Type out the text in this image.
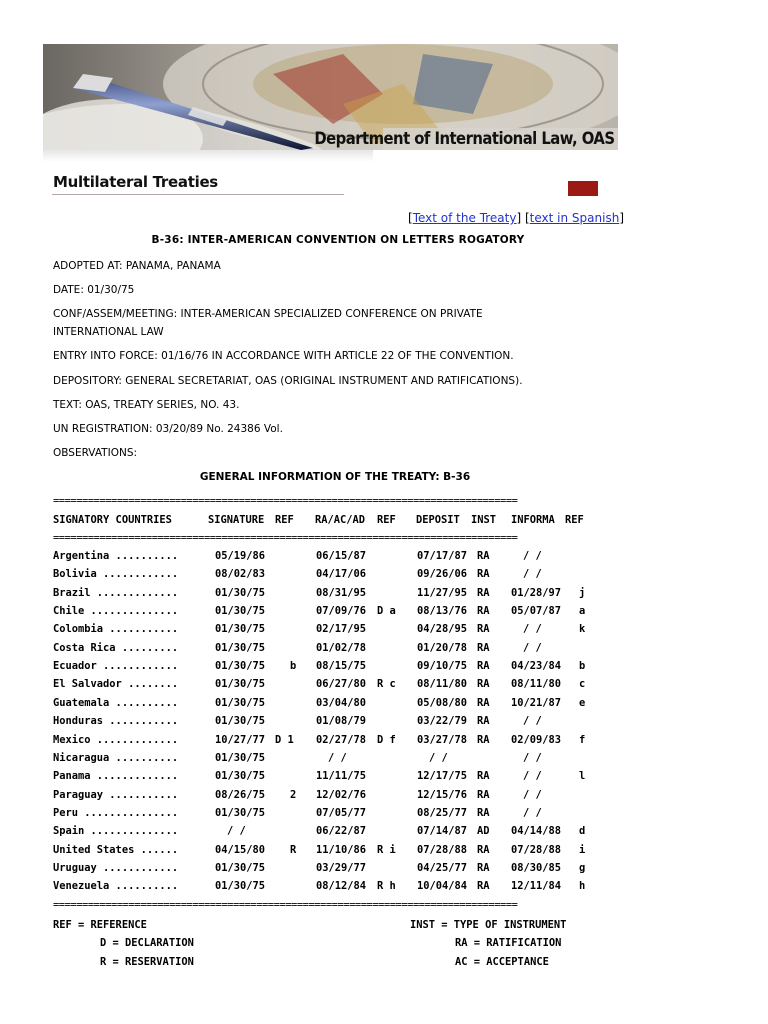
Department of International Law, OAS
Multilateral Treaties
[Text of the Treaty] [text in Spanish]
B-36: INTER-AMERICAN CONVENTION ON LETTERS ROGATORY
ADOPTED AT: PANAMA, PANAMA
DATE: 01/30/75
CONF/ASSEM/MEETING: INTER-AMERICAN SPECIALIZED CONFERENCE ON PRIVATE
INTERNATIONAL LAW
ENTRY INTO FORCE: 01/16/76 IN ACCORDANCE WITH ARTICLE 22 OF THE CONVENTION.
DEPOSITORY: GENERAL SECRETARIAT, OAS (ORIGINAL INSTRUMENT AND RATIFICATIONS).
TEXT: OAS, TREATY SERIES, NO. 43.
UN REGISTRATION: 03/20/89 No. 24386 Vol.
OBSERVATIONS:
GENERAL INFORMATION OF THE TREATY: B-36
================================================================================
SIGNATORY COUNTRIES	SIGNATURE REF RA/AC/AD REF DEPOSIT INST INFORMA REF
================================================================================
Argentina ..........	05/19/86	06/15/87	07/17/87 RA	/ /
Bolivia ............	08/02/83	04/17/06	09/26/06 RA	/ /
Brazil .............	01/30/75	08/31/95	11/27/95 RA 01/28/97 j
Chile ..............	01/30/75	07/09/76 D a 08/13/76 RA 05/07/87 a
Colombia ...........	01/30/75	02/17/95	04/28/95 RA	/ /	k
Costa Rica .........	01/30/75	01/02/78	01/20/78 RA	/ /
Ecuador ............	01/30/75 b 08/15/75	09/10/75 RA 04/23/84 b
El Salvador ........	01/30/75	06/27/80 R c 08/11/80 RA 08/11/80 c
Guatemala ..........	01/30/75	03/04/80	05/08/80 RA 10/21/87 e
Honduras ...........	01/30/75	01/08/79	03/22/79 RA	/ /
Mexico .............	10/27/77 D 1 02/27/78 D f 03/27/78 RA 02/09/83 f
Nicaragua ..........	01/30/75	/ /	/ /	/ /
Panama .............	01/30/75	11/11/75	12/17/75 RA	/ /	l
Paraguay ...........	08/26/75 2 12/02/76	12/15/76 RA	/ /
Peru ...............	01/30/75	07/05/77	08/25/77 RA	/ /
Spain ..............	/ /	06/22/87	07/14/87 AD 04/14/88 d
United States ......	04/15/80 R 11/10/86 R i 07/28/88 RA 07/28/88 i
Uruguay ............	01/30/75	03/29/77	04/25/77 RA 08/30/85 g
Venezuela ..........	01/30/75	08/12/84 R h 10/04/84 RA 12/11/84 h
================================================================================
REF = REFERENCE
D = DECLARATION
R = RESERVATION
INST = TYPE OF INSTRUMENT
RA = RATIFICATION
AC = ACCEPTANCE
